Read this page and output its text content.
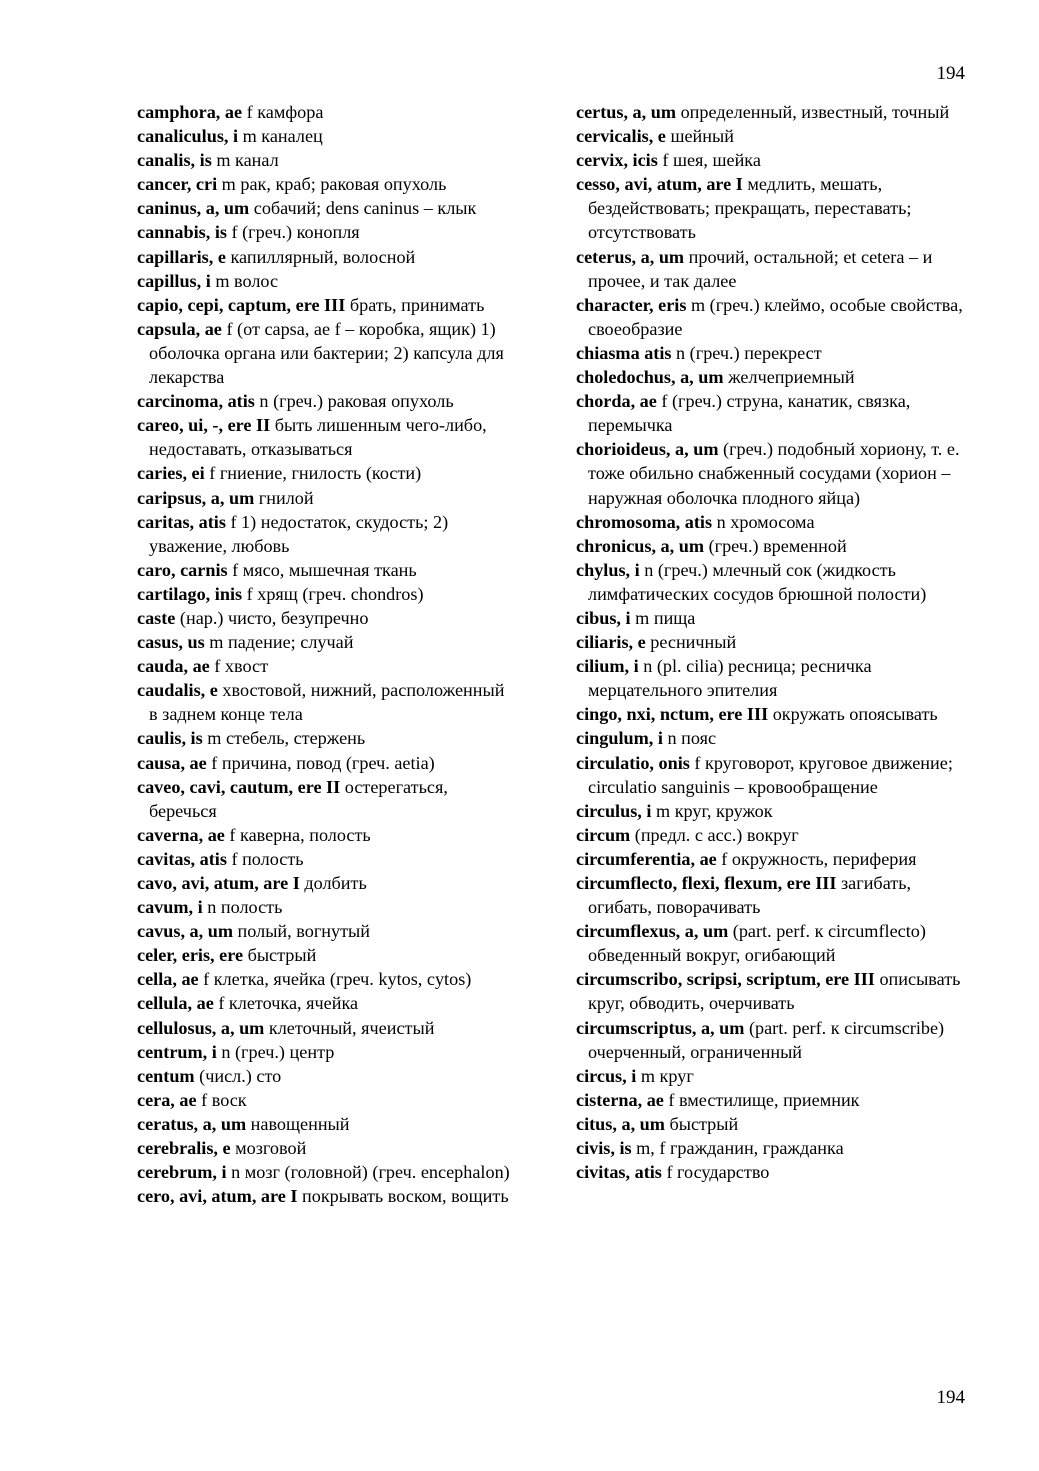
194

camphora, ae f камфора

canaliculus, i m каналец

canalis, is m канал

cancer, cri m рак, краб; раковая опухоль

caninus, a, um собачий; dens caninus – клык

cannabis, is f (греч.) конопля

capillaris, e капиллярный, волосной

capillus, i m волос

capio, cepi, captum, ere III брать, принимать

capsula, ae f (от capsa, ae f – коробка, ящик) 1) оболочка органа или бактерии; 2) капсула для лекарства

carcinoma, atis n (греч.) раковая опухоль

careo, ui, -, ere II быть лишенным чего-либо, недоставать, отказываться

caries, ei f гниение, гнилость (кости)

caripsus, a, um гнилой

caritas, atis f 1) недостаток, скудость; 2) уважение, любовь

caro, carnis f мясо, мышечная ткань

cartilago, inis f хрящ (греч. chondros)

caste (нар.) чисто, безупречно

casus, us m падение; случай

cauda, ae f хвост

caudalis, e хвостовой, нижний, расположенный в заднем конце тела

caulis, is m стебель, стержень

causa, ae f причина, повод (греч. aetia)

caveo, cavi, cautum, ere II остерегаться, беречься

caverna, ae f каверна, полость

cavitas, atis f полость

cavo, avi, atum, are I долбить

cavum, i n полость

cavus, a, um полый, вогнутый

celer, eris, ere быстрый

cella, ae f клетка, ячейка (греч. kytos, cytos)

cellula, ae f клеточка, ячейка

cellulosus, a, um клеточный, ячеистый

centrum, i n (греч.) центр

centum (числ.) сто

cera, ae f воск

ceratus, a, um навощенный

cerebralis, e мозговой

cerebrum, i n мозг (головной) (греч. encephalon)

cero, avi, atum, are I покрывать воском, вощить

certus, a, um определенный, известный, точный

cervicalis, e шейный

cervix, icis f шея, шейка

cesso, avi, atum, are I медлить, мешать, бездействовать; прекращать, переставать; отсутствовать

ceterus, a, um прочий, остальной; et cetera – и прочее, и так далее

character, eris m (греч.) клеймо, особые свойства, своеобразие

chiasma atis n (греч.) перекрест

choledochus, a, um желчеприемный

chorda, ae f (греч.) струна, канатик, связка, перемычка

chorioideus, a, um (греч.) подобный хориону, т. е. тоже обильно снабженный сосудами (хорион – наружная оболочка плодного яйца)

chromosoma, atis n хромосома

chronicus, a, um (греч.) временной

chylus, i n (греч.) млечный сок (жидкость лимфатических сосудов брюшной полости)

cibus, i m пища

ciliaris, e ресничный

cilium, i n (pl. cilia) ресница; ресничка мерцательного эпителия

cingo, nxi, nctum, ere III окружать опоясывать

cingulum, i n пояс

circulatio, onis f круговорот, круговое движение; circulatio sanguinis – кровообращение

circulus, i m круг, кружок

circum (предл. с acc.) вокруг

circumferentia, ae f окружность, периферия

circumflecto, flexi, flexum, ere III загибать, огибать, поворачивать

circumflexus, a, um (part. perf. к circumflecto) обведенный вокруг, огибающий

circumscribo, scripsi, scriptum, ere III описывать круг, обводить, очерчивать

circumscriptus, a, um (part. perf. к circumscribe) очерченный, ограниченный

circus, i m круг

cisterna, ae f вместилище, приемник

citus, a, um быстрый

civis, is m, f гражданин, гражданка

civitas, atis f государство

194
